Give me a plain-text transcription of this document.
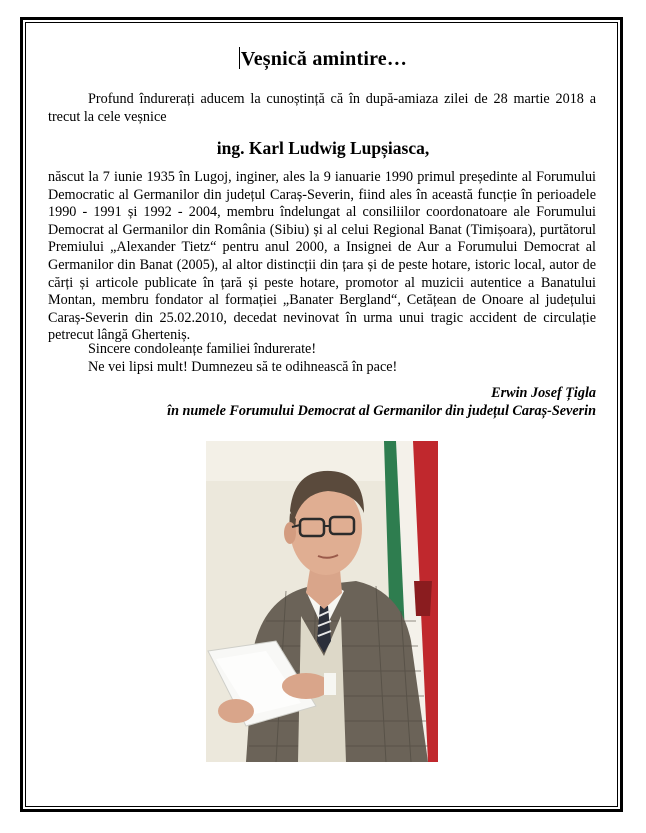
Veșnică amintire…
Profund îndurerați aducem la cunoștință că în după-amiaza zilei de 28 martie 2018 a trecut la cele veșnice
ing. Karl Ludwig Lupșiasca,
născut la 7 iunie 1935 în Lugoj, inginer, ales la 9 ianuarie 1990 primul președinte al Forumului Democratic al Germanilor din județul Caraș-Severin, fiind ales în această funcție în perioadele 1990 - 1991 și 1992 - 2004, membru îndelungat al consiliilor coordonatoare ale Forumului Democrat al Germanilor din România (Sibiu) și al celui Regional Banat (Timișoara), purtătorul Premiului „Alexander Tietz“ pentru anul 2000, a Insignei de Aur a Forumului Democrat al Germanilor din Banat (2005), al altor distincții din țara și de peste hotare, istoric local, autor de cărți și articole publicate în țară și peste hotare, promotor al muzicii autentice a Banatului Montan, membru fondator al formației „Banater Bergland“, Cetățean de Onoare al județului Caraș-Severin din 25.02.2010, decedat nevinovat în urma unui tragic accident de circulație petrecut lângă Gherteniș.
Sincere condoleanțe familiei îndurerate!
Ne vei lipsi mult! Dumnezeu să te odihnească în pace!
Erwin Josef Țigla
în numele Forumului Democrat al Germanilor din județul Caraș-Severin
